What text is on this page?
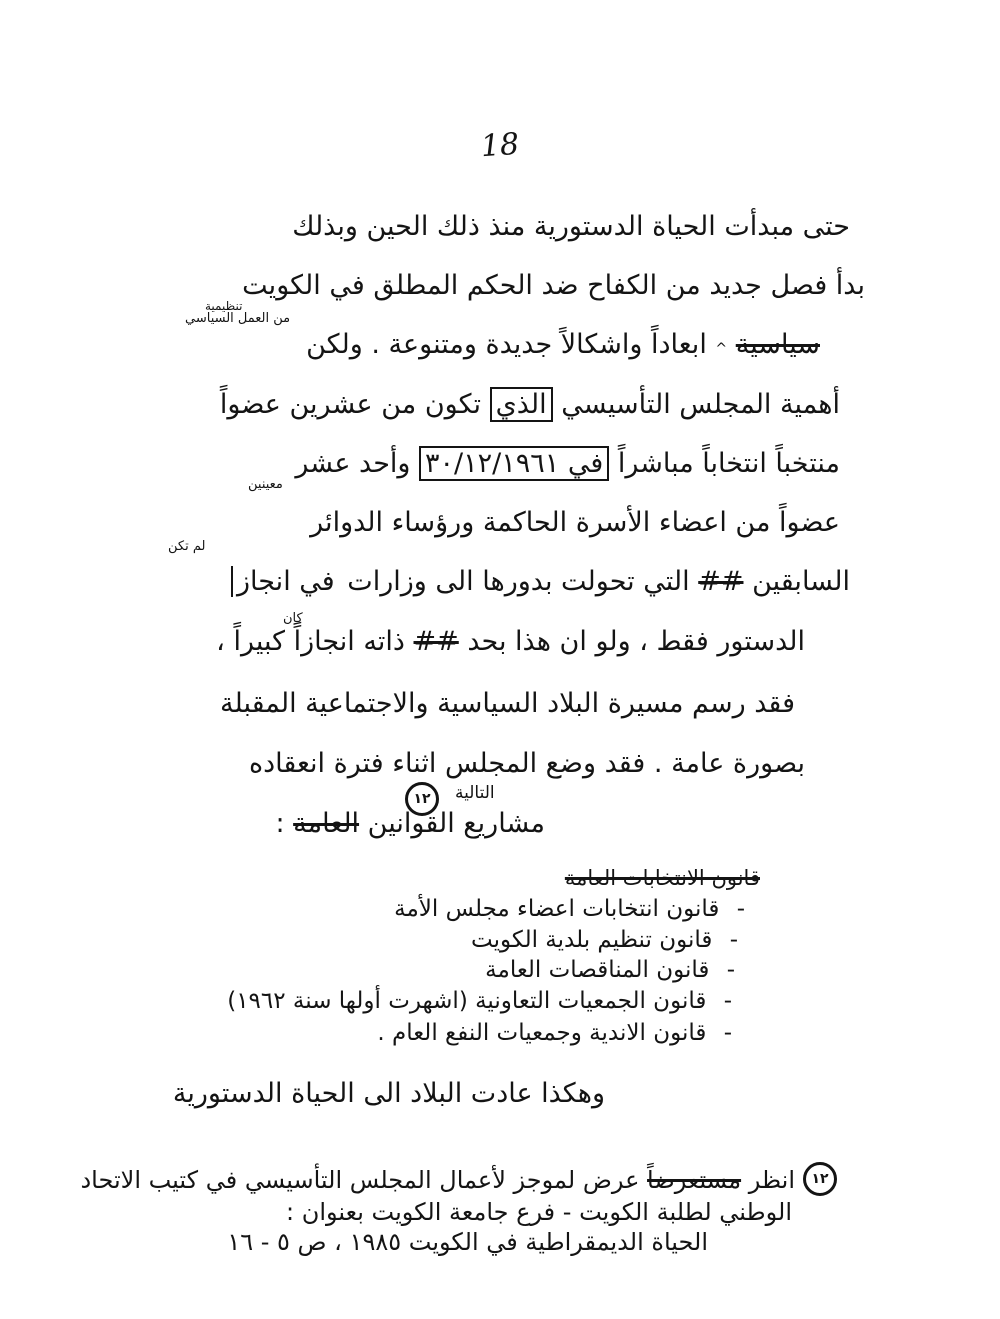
18
حتى مبدأت الحياة الدستورية منذ ذلك الحين وبذلك
بدأ فصل جديد من الكفاح ضد الحكم المطلق في الكويت
من العمل السياسي
تنظيمية
سياسية ^ ابعاداً واشكالاً جديدة ومتنوعة . ولكن
أهمية المجلس التأسيسي الذي تكون من عشرين عضواً
معينين
منتخباً انتخاباً مباشراً في ٣٠/١٢/١٩٦١ وأحد عشر
عضواً من اعضاء الأسرة الحاكمة ورؤساء الدوائر
لم تكن
السابقين ## التي تحولت بدورها الى وزارات في انجاز
كان
الدستور فقط ، ولو ان هذا بحد ## ذاته انجازاً كبيراً ،
فقد رسم مسيرة البلاد السياسية والاجتماعية المقبلة
بصورة عامة . فقد وضع المجلس اثناء فترة انعقاده
التالية
١٢
مشاريع القوانين العامة :
قانون الانتخابات العامة
- قانون انتخابات اعضاء مجلس الأمة
- قانون تنظيم بلدية الكويت
- قانون المناقصات العامة
- قانون الجمعيات التعاونية (اشهرت أولها سنة ١٩٦٢)
- قانون الاندية وجمعيات النفع العام .
وهكذا عادت البلاد الى الحياة الدستورية
١٢
انظر مستعرضاً عرض لموجز لأعمال المجلس التأسيسي في كتيب الاتحاد
الوطني لطلبة الكويت - فرع جامعة الكويت بعنوان :
الحياة الديمقراطية في الكويت ١٩٨٥ ، ص ٥ - ١٦
